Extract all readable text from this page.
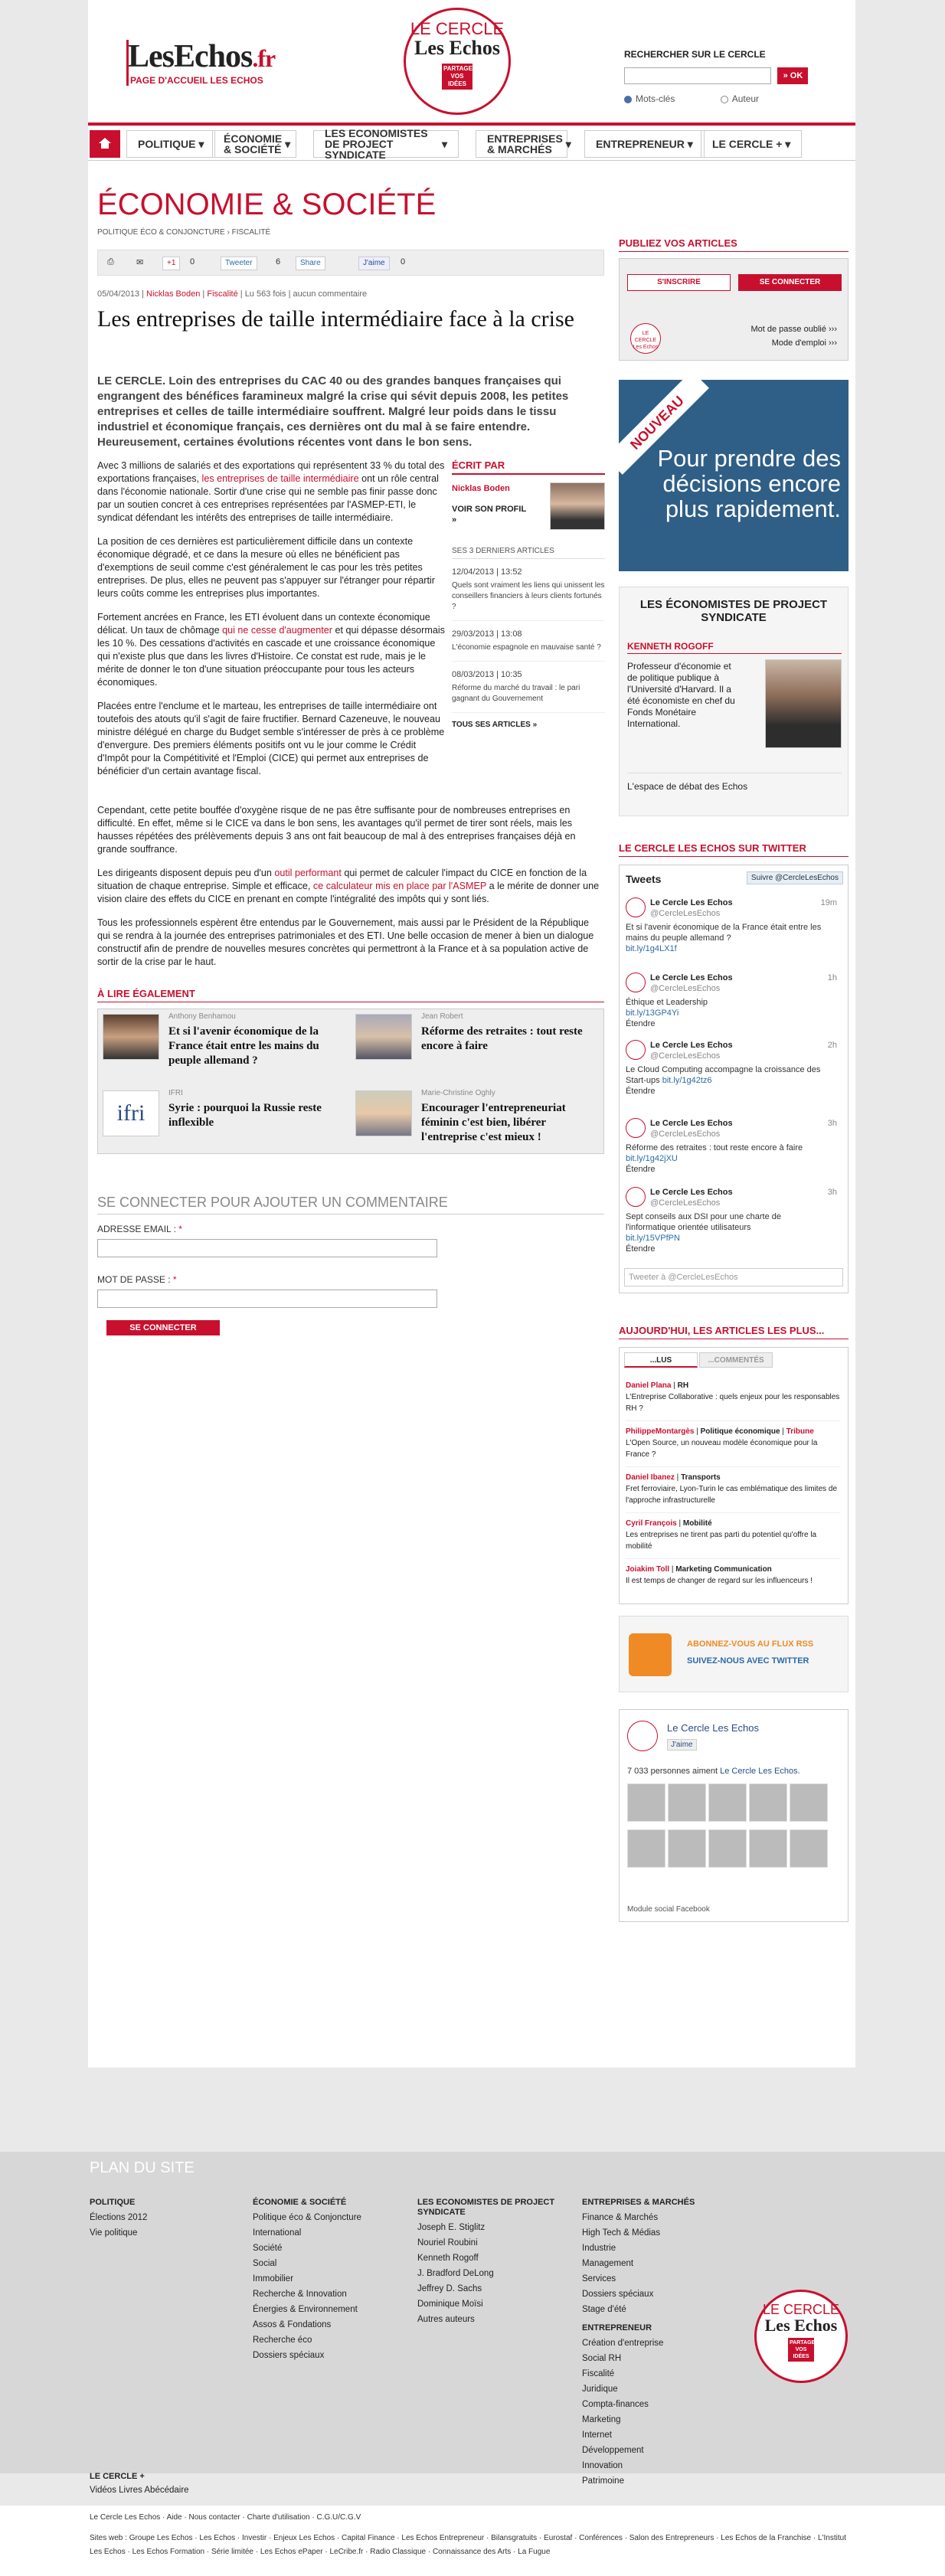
LesEchos.fr
PAGE D'ACCUEIL LES ECHOS
LE CERCLE
Les Echos
PARTAGEZ VOS IDÉES
RECHERCHER SUR LE CERCLE
» OK
Mots-clés	Auteur
POLITIQUE ▾	ÉCONOMIE & SOCIÉTÉ ▾
LES ECONOMISTES DE PROJECT SYNDICATE
▾	ENTREPRISES & MARCHÉS	▾ ENTREPRENEUR ▾	LE CERCLE + ▾
ÉCONOMIE & SOCIÉTÉ
POLITIQUE ÉCO & CONJONCTURE › FISCALITÉ
⎙	✉	+1	0	Tweeter	6	Share	J'aime	0
05/04/2013 | Nicklas Boden | Fiscalité | Lu 563 fois | aucun commentaire
Les entreprises de taille intermédiaire face à la crise
LE CERCLE. Loin des entreprises du CAC 40 ou des grandes banques françaises qui engrangent des bénéfices faramineux malgré la crise qui sévit depuis 2008, les petites entreprises et celles de taille intermédiaire souffrent. Malgré leur poids dans le tissu industriel et économique français, ces dernières ont du mal à se faire entendre. Heureusement, certaines évolutions récentes vont dans le bon sens.

Avec 3 millions de salariés et des exportations qui représentent 33 % du total des exportations françaises, les entreprises de taille intermédiaire ont un rôle central dans l'économie nationale. Sortir d'une crise qui ne semble pas finir passe donc par un soutien concret à ces entreprises représentées par l'ASMEP-ETI, le syndicat défendant les intérêts des entreprises de taille intermédiaire.

La position de ces dernières est particulièrement difficile dans un contexte économique dégradé, et ce dans la mesure où elles ne bénéficient pas d'exemptions de seuil comme c'est généralement le cas pour les très petites entreprises. De plus, elles ne peuvent pas s'appuyer sur l'étranger pour répartir leurs coûts comme les entreprises plus importantes.

Fortement ancrées en France, les ETI évoluent dans un contexte économique délicat. Un taux de chômage qui ne cesse d'augmenter et qui dépasse désormais les 10 %. Des cessations d'activités en cascade et une croissance économique qui n'existe plus que dans les livres d'Histoire. Ce constat est rude, mais je le mérite de donner le ton d'une situation préoccupante pour tous les acteurs économiques.

Placées entre l'enclume et le marteau, les entreprises de taille intermédiaire ont toutefois des atouts qu'il s'agit de faire fructifier. Bernard Cazeneuve, le nouveau ministre délégué en charge du Budget semble s'intéresser de près à ce problème d'envergure. Des premiers éléments positifs ont vu le jour comme le Crédit d'Impôt pour la Compétitivité et l'Emploi (CICE) qui permet aux entreprises de bénéficier d'un certain avantage fiscal.

Cependant, cette petite bouffée d'oxygène risque de ne pas être suffisante pour de nombreuses entreprises en difficulté. En effet, même si le CICE va dans le bon sens, les avantages qu'il permet de tirer sont réels, mais les hausses répétées des prélèvements depuis 3 ans ont fait beaucoup de mal à des entreprises françaises déjà en grande souffrance.

Les dirigeants disposent depuis peu d'un outil performant qui permet de calculer l'impact du CICE en fonction de la situation de chaque entreprise. Simple et efficace, ce calculateur mis en place par l'ASMEP a le mérite de donner une vision claire des effets du CICE en prenant en compte l'intégralité des impôts qui y sont liés.

Tous les professionnels espèrent être entendus par le Gouvernement, mais aussi par le Président de la République qui se rendra à la journée des entreprises patrimoniales et des ETI. Une belle occasion de mener à bien un dialogue constructif afin de prendre de nouvelles mesures concrètes qui permettront à la France et à sa population active de sortir de la crise par le haut.

ÉCRIT PAR
Nicklas Boden
VOIR SON PROFIL »
SES 3 DERNIERS ARTICLES
12/04/2013 | 13:52
Quels sont vraiment les liens qui unissent les conseillers financiers à leurs clients fortunés ?
29/03/2013 | 13:08
L'économie espagnole en mauvaise santé ?
08/03/2013 | 10:35
Réforme du marché du travail : le pari gagnant du Gouvernement
TOUS SES ARTICLES »
À LIRE ÉGALEMENT
Anthony Benhamou
Et si l'avenir économique de la France était entre les mains du peuple allemand ?
Jean Robert
Réforme des retraites : tout reste encore à faire
ifri
IFRI
Syrie : pourquoi la Russie reste inflexible
Marie-Christine Oghly
Encourager l'entrepreneuriat féminin c'est bien, libérer l'entreprise c'est mieux !
SE CONNECTER POUR AJOUTER UN COMMENTAIRE
ADRESSE EMAIL : *
MOT DE PASSE : *
SE CONNECTER
PUBLIEZ VOS ARTICLES
S'INSCRIRE	SE CONNECTER
Mot de passe oublié ›››
Mode d'emploi ›››
LE CERCLE
Les Echos
NOUVEAU
Pour prendre des décisions encore plus rapidement.
LES ÉCONOMISTES DE PROJECT SYNDICATE
KENNETH ROGOFF
Professeur d'économie et de politique publique à l'Université d'Harvard. Il a été économiste en chef du Fonds Monétaire International.
L'espace de débat des Echos
LE CERCLE LES ECHOS SUR TWITTER
Tweets	Suivre @CercleLesEchos
Le Cercle Les Echos
@CercleLesEchos
19m
Et si l'avenir économique de la France était entre les mains du peuple allemand ?
bit.ly/1g4LX1f
Le Cercle Les Echos
@CercleLesEchos
1h
Éthique et Leadership
bit.ly/13GP4Yi
Étendre
Le Cercle Les Echos
@CercleLesEchos
2h
Le Cloud Computing accompagne la croissance des Start-ups bit.ly/1g42tz6
Étendre
Le Cercle Les Echos
@CercleLesEchos
3h
Réforme des retraites : tout reste encore à faire bit.ly/1g42jXU
Étendre
Le Cercle Les Echos
@CercleLesEchos
3h
Sept conseils aux DSI pour une charte de l'informatique orientée utilisateurs
bit.ly/15VPfPN
Étendre
Tweeter à @CercleLesEchos
AUJOURD'HUI, LES ARTICLES LES PLUS...
...LUS	...COMMENTÉS
Daniel Plana | RH
L'Entreprise Collaborative : quels enjeux pour les responsables RH ?
PhilippeMontargès | Politique économique | Tribune
L'Open Source, un nouveau modèle économique pour la France ?
Daniel Ibanez | Transports
Fret ferroviaire, Lyon-Turin le cas emblématique des limites de l'approche infrastructurelle
Cyril François | Mobilité
Les entreprises ne tirent pas parti du potentiel qu'offre la mobilité
Joiakim Toll | Marketing Communication
Il est temps de changer de regard sur les influenceurs !
ABONNEZ-VOUS AU FLUX RSS
SUIVEZ-NOUS AVEC TWITTER
Le Cercle Les Echos
J'aime
7 033 personnes aiment Le Cercle Les Echos.

Module social Facebook
PLAN DU SITE
POLITIQUE
Élections 2012
Vie politique
ÉCONOMIE & SOCIÉTÉ
Politique éco & Conjoncture
International
Société
Social
Immobilier
Recherche & Innovation
Énergies & Environnement
Assos & Fondations
Recherche éco
Dossiers spéciaux
LES ECONOMISTES DE PROJECT SYNDICATE
Joseph E. Stiglitz
Nouriel Roubini
Kenneth Rogoff
J. Bradford DeLong
Jeffrey D. Sachs
Dominique Moïsi
Autres auteurs
ENTREPRISES & MARCHÉS
Finance & Marchés
High Tech & Médias
Industrie
Management
Services
Dossiers spéciaux
Stage d'été
ENTREPRENEUR
Création d'entreprise
Social RH
Fiscalité
Juridique
Compta-finances
Marketing
Internet
Développement
Innovation
Patrimoine
LE CERCLE
Les Echos
PARTAGEZ VOS IDÉES
LE CERCLE +
Vidéos Livres Abécédaire
Le Cercle Les Echos · Aide · Nous contacter · Charte d'utilisation · C.G.U/C.G.V
Sites web : Groupe Les Echos · Les Echos · Investir · Enjeux Les Echos · Capital Finance · Les Echos Entrepreneur · Bilansgratuits · Eurostaf · Conférences · Salon des Entrepreneurs · Les Echos de la Franchise · L'Institut Les Echos · Les Echos Formation · Série limitée · Les Echos ePaper · LeCribe.fr · Radio Classique · Connaissance des Arts · La Fugue
